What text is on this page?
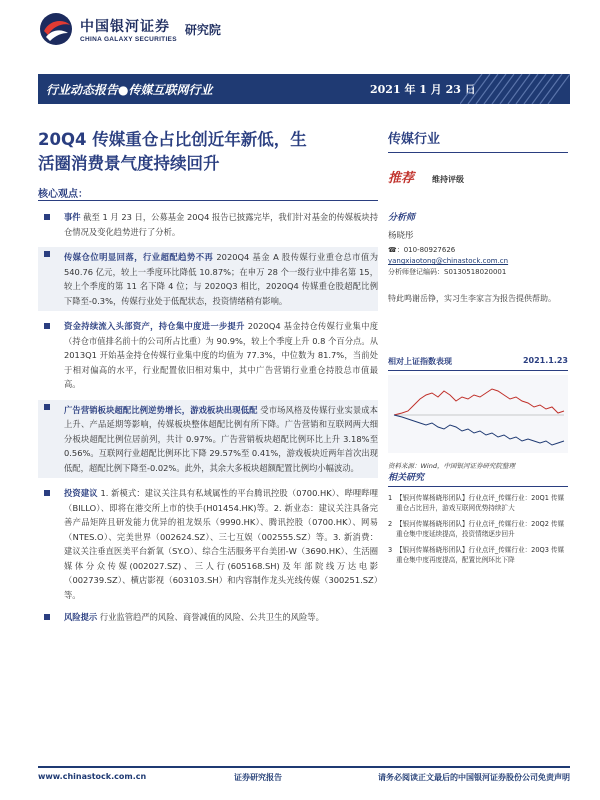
中国银河证券
CHINA GALAXY SECURITIES
研究院
行业动态报告●传媒互联网行业	2021 年 1 月 23 日
20Q4 传媒重仓占比创近年新低，生
活圈消费景气度持续回升
核心观点：
事件 截至 1 月 23 日，公募基金 20Q4 报告已披露完毕，我们针对基金的传媒板块持仓情况及变化趋势进行了分析。
传媒仓位明显回落，行业超配趋势不再 2020Q4 基金 A 股传媒行业重仓总市值为 540.76 亿元，较上一季度环比降低 10.87%；在申万 28 个一级行业中排名第 15，较上个季度的第 11 名下降 4 位；与 2020Q3 相比，2020Q4 传媒重仓股超配比例下降至-0.3%，传媒行业处于低配状态，投资情绪稍有影响。
资金持续流入头部资产，持仓集中度进一步提升 2020Q4 基金持仓传媒行业集中度（持仓市值排名前十的公司所占比重）为 90.9%，较上个季度上升 0.8 个百分点。从 2013Q1 开始基金持仓传媒行业集中度的均值为 77.3%，中位数为 81.7%，当前处于相对偏高的水平，行业配置依旧相对集中，其中广告营销行业重仓持股总市值最高。
广告营销板块超配比例逆势增长，游戏板块出现低配 受市场风格及传媒行业实景成本上升、产品延期等影响，传媒板块整体超配比例有所下降。广告营销和互联网两大细分板块超配比例位居前列，共计 0.97%。广告营销板块超配比例环比上升 3.18%至 0.56%。互联网行业超配比例环比下降 29.57%至 0.41%，游戏板块近两年首次出现低配，超配比例下降至-0.02%。此外，其余大多板块超额配置比例均小幅波动。
投资建议 1. 新模式：建议关注具有私域属性的平台腾讯控股（0700.HK）、哔哩哔哩（BILLO）、即将在港交所上市的快手(H01454.HK)等。2. 新业态：建议关注具备完善产品矩阵且研发能力优异的祖龙娱乐（9990.HK）、腾讯控股（0700.HK）、网易（NTES.O）、完美世界（002624.SZ）、三七互娱（002555.SZ）等。3. 新消费：建议关注垂直医美平台新氧（SY.O）、综合生活服务平台美团-W（3690.HK）、生活圈媒体分众传媒(002027.SZ)、三人行(605168.SH)及年部院线万达电影（002739.SZ）、横店影视（603103.SH）和内容制作龙头光线传媒（300251.SZ）等。
风险提示 行业监管趋严的风险、商誉减值的风险、公共卫生的风险等。
传媒行业
推荐 维持评级
分析师
杨晓彤
☎：010-80927626
yangxiaotong@chinastock.com.cn
分析师登记编码：S0130518020001
特此鸣谢岳铮，实习生李家言为报告提供帮助。
相对上证指数表现	2021.1.23
资料来源：Wind，中国银河证券研究院整理
相关研究
1 【银河传媒杨晓彤团队】行业点评_传媒行业：20Q1 传媒重仓占比回升，游戏互联网优势持续扩大
2 【银河传媒杨晓彤团队】行业点评_传媒行业：20Q2 传媒重仓集中度延续提高，投资情绪逐步回升
3 【银河传媒杨晓彤团队】行业点评_传媒行业：20Q3 传媒重仓集中度再度提高，配置比例环比下降
www.chinastock.com.cn	证券研究报告	请务必阅读正文最后的中国银河证券股份公司免责声明
